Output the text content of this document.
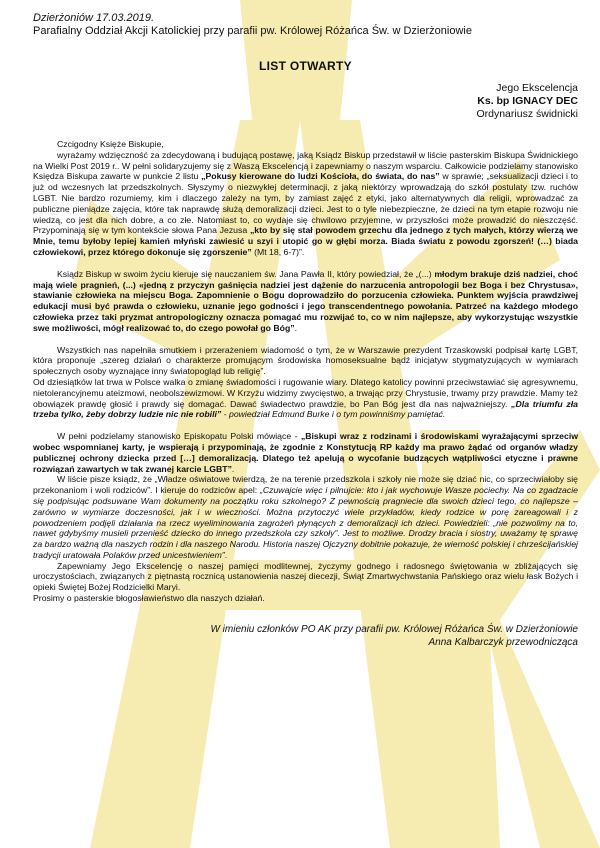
Dzierżoniów 17.03.2019.
Parafialny Oddział Akcji Katolickiej przy parafii pw. Królowej Różańca Św. w Dzierżoniowie
LIST OTWARTY
Jego Ekscelencja
Ks. bp IGNACY DEC
Ordynariusz świdnicki

Czcigodny Księże Biskupie,

wyrażamy wdzięczność za zdecydowaną i budującą postawę, jaką Ksiądz Biskup przedstawił w liście pasterskim Biskupa Świdnickiego na Wielki Post 2019 r.. W pełni solidaryzujemy się z Waszą Ekscelencją i zapewniamy o naszym wsparciu. Całkowicie podzielamy stanowisko Księdza Biskupa zawarte w punkcie 2 listu „Pokusy kierowane do ludzi Kościoła, do świata, do nas” w sprawie; „seksualizacji dzieci i to już od wczesnych lat przedszkolnych. Słyszymy o niezwykłej determinacji, z jaką niektórzy wprowadzają do szkół postulaty tzw. ruchów LGBT. Nie bardzo rozumiemy, kim i dlaczego zależy na tym, by zamiast zajęć z etyki, jako alternatywnych dla religii, wprowadzać za publiczne pieniądze zajęcia, które tak naprawdę służą demoralizacji dzieci. Jest to o tyle niebezpieczne, że dzieci na tym etapie rozwoju nie wiedzą, co jest dla nich dobre, a co złe. Natomiast to, co wydaje się chwilowo przyjemne, w przyszłości może prowadzić do nieszczęść. Przypominają się w tym kontekście słowa Pana Jezusa „kto by się stał powodem grzechu dla jednego z tych małych, którzy wierzą we Mnie, temu byłoby lepiej kamień młyński zawiesić u szyi i utopić go w głębi morza. Biada światu z powodu zgorszeń! (…) biada człowiekowi, przez którego dokonuje się zgorszenie” (Mt 18, 6-7)”.

Ksiądz Biskup w swoim życiu kieruje się nauczaniem św. Jana Pawła II, który powiedział, że „(...) młodym brakuje dziś nadziei, choć mają wiele pragnień, (...) «jedną z przyczyn gaśnięcia nadziei jest dążenie do narzucenia antropologii bez Boga i bez Chrystusa», stawianie człowieka na miejscu Boga. Zapomnienie o Bogu doprowadziło do porzucenia człowieka. Punktem wyjścia prawdziwej edukacji musi być prawda o człowieku, uznanie jego godności i jego transcendentnego powołania. Patrzeć na każdego młodego człowieka przez taki pryzmat antropologiczny oznacza pomagać mu rozwijać to, co w nim najlepsze, aby wykorzystując wszystkie swe możliwości, mógł realizować to, do czego powołał go Bóg”.

Wszystkich nas napełniła smutkiem i przerażeniem wiadomość o tym, że w Warszawie prezydent Trzaskowski podpisał kartę LGBT, która proponuje „szereg działań o charakterze promującym środowiska homoseksualne bądź inicjatyw stygmatyzujących w wymiarach społecznych osoby wyznające inny światopogląd lub religię”.

Od dziesiątków lat trwa w Polsce walka o zmianę świadomości i rugowanie wiary. Dlatego katolicy powinni przeciwstawiać się agresywnemu, nietolerancyjnemu ateizmowi, neobolszewizmowi. W Krzyżu widzimy zwycięstwo, a trwając przy Chrystusie, trwamy przy prawdzie. Mamy też obowiązek prawdę głosić i prawdy się domagać. Dawać świadectwo prawdzie, bo Pan Bóg jest dla nas najważniejszy. „Dla triumfu zła trzeba tylko, żeby dobrzy ludzie nic nie robili” - powiedział Edmund Burke i o tym powinniśmy pamiętać.

W pełni podzielamy stanowisko Episkopatu Polski mówiące - „Biskupi wraz z rodzinami i środowiskami wyrażającymi sprzeciw wobec wspomnianej karty, je wspierają i przypominają, że zgodnie z Konstytucją RP każdy ma prawo żądać od organów władzy publicznej ochrony dziecka przed […] demoralizacją. Dlatego też apelują o wycofanie budzących wątpliwości etyczne i prawne rozwiązań zawartych w tak zwanej karcie LGBT”.

W liście pisze ksiądz, że „Władze oświatowe twierdzą, że na terenie przedszkola i szkoły nie może się dziać nic, co sprzeciwiałoby się przekonaniom i woli rodziców”. I kieruje do rodziców apel: „Czuwajcie więc i pilnujcie: kto i jak wychowuje Wasze pociechy. Na co zgadzacie się podpisując podsuwane Wam dokumenty na początku roku szkolnego? Z pewnością pragniecie dla swoich dzieci tego, co najlepsze – zarówno w wymiarze doczesności, jak i w wieczności. Można przytoczyć wiele przykładów, kiedy rodzice w porę zareagowali i z powodzeniem podjęli działania na rzecz wyeliminowania zagrożeń płynących z demoralizacji ich dzieci. Powiedzieli: „nie pozwolimy na to, nawet gdybyśmy musieli przenieść dziecko do innego przedszkola czy szkoły”. Jest to możliwe. Drodzy bracia i siostry, uważamy tę sprawę za bardzo ważną dla naszych rodzin i dla naszego Narodu. Historia naszej Ojczyzny dobitnie pokazuje, że wierność polskiej i chrześcijańskiej tradycji uratowała Polaków przed unicestwieniem”.

Zapewniamy Jego Ekscelencję o naszej pamięci modlitewnej, życzymy godnego i radosnego świętowania w zbliżających się uroczystościach, związanych z piętnastą rocznicą ustanowienia naszej diecezji, Świąt Zmartwychwstania Pańskiego oraz wielu łask Bożych i opieki Świętej Bożej Rodzicielki Maryi.

Prosimy o pasterskie błogosławieństwo dla naszych działań.

W imieniu członków PO AK przy parafii pw. Królowej Różańca Św. w Dzierżoniowie
Anna Kalbarczyk przewodnicząca
